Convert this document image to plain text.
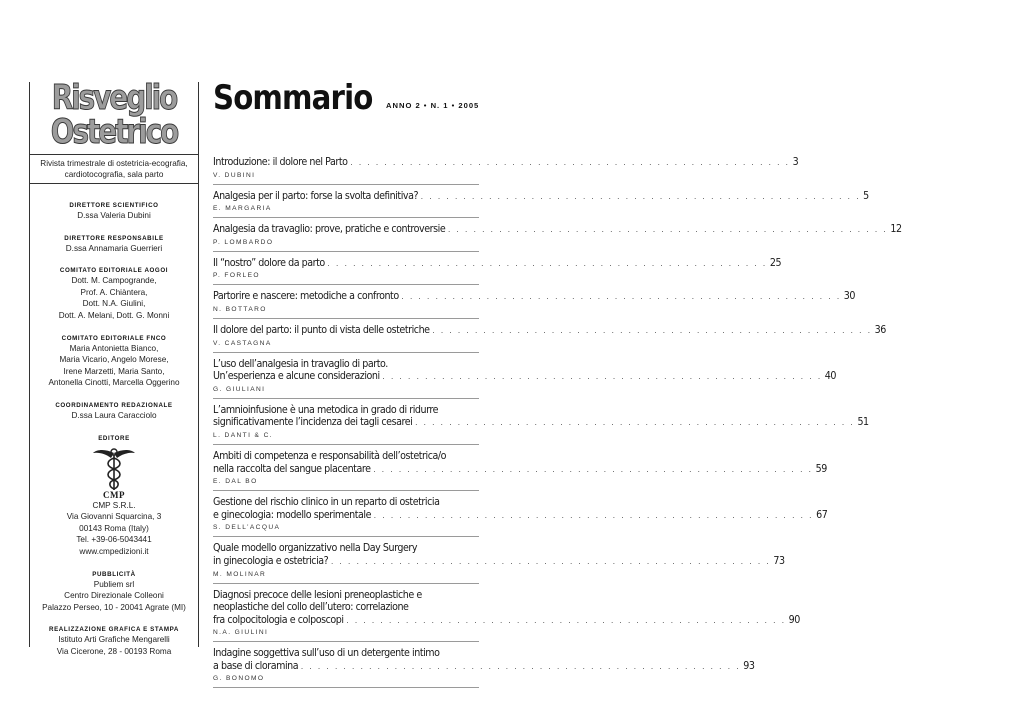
Risveglio
Ostetrico
Rivista trimestrale di ostetricia-ecografia,
cardiotocografia, sala parto
DIRETTORE SCIENTIFICO
D.ssa Valeria Dubini
DIRETTORE RESPONSABILE
D.ssa Annamaria Guerrieri
COMITATO EDITORIALE AOGOI
Dott. M. Campogrande,
Prof. A. Chiàntera,
Dott. N.A. Giulini,
Dott. A. Melani, Dott. G. Monni
COMITATO EDITORIALE FNCO
Maria Antonietta Bianco,
Maria Vicario, Angelo Morese,
Irene Marzetti, Maria Santo,
Antonella Cinotti, Marcella Oggerino
COORDINAMENTO REDAZIONALE
D.ssa Laura Caracciolo
EDITORE
CMP
CMP S.R.L.
Via Giovanni Squarcina, 3
00143 Roma (Italy)
Tel. +39-06-5043441
www.cmpedizioni.it
PUBBLICITÀ
Publiem srl
Centro Direzionale Colleoni
Palazzo Perseo, 10 - 20041 Agrate (MI)
REALIZZAZIONE GRAFICA E STAMPA
Istituto Arti Grafiche Mengarelli
Via Cicerone, 28 - 00193 Roma
Sommario ANNO 2 • N. 1 • 2005
Introduzione: il dolore nel Parto . . . . . . . . . . . . . . . . . . . . . . . . . . . . . . . . . . . . . . . . . . . . . . . . . . . . 3
V. DUBINI
Analgesia per il parto: forse la svolta definitiva? . . . . . . . . . . . . . . . . . . . . . . . . . . . . . . . . . . . . . . . . . . . . . . . . . . . . 5
E. MARGARIA
Analgesia da travaglio: prove, pratiche e controversie . . . . . . . . . . . . . . . . . . . . . . . . . . . . . . . . . . . . . . . . . . . . . . . . . . . . 12
P. LOMBARDO
Il “nostro” dolore da parto . . . . . . . . . . . . . . . . . . . . . . . . . . . . . . . . . . . . . . . . . . . . . . . . . . . . 25
P. FORLEO
Partorire e nascere: metodiche a confronto . . . . . . . . . . . . . . . . . . . . . . . . . . . . . . . . . . . . . . . . . . . . . . . . . . . . 30
N. BOTTARO
Il dolore del parto: il punto di vista delle ostetriche . . . . . . . . . . . . . . . . . . . . . . . . . . . . . . . . . . . . . . . . . . . . . . . . . . . . 36
V. CASTAGNA
L’uso dell’analgesia in travaglio di parto.
Un’esperienza e alcune considerazioni . . . . . . . . . . . . . . . . . . . . . . . . . . . . . . . . . . . . . . . . . . . . . . . . . . . . 40
G. GIULIANI
L’amnioinfusione è una metodica in grado di ridurre
significativamente l’incidenza dei tagli cesarei . . . . . . . . . . . . . . . . . . . . . . . . . . . . . . . . . . . . . . . . . . . . . . . . . . . . 51
L. DANTI & C.
Ambiti di competenza e responsabilità dell’ostetrica/o
nella raccolta del sangue placentare . . . . . . . . . . . . . . . . . . . . . . . . . . . . . . . . . . . . . . . . . . . . . . . . . . . . 59
E. DAL BO
Gestione del rischio clinico in un reparto di ostetricia
e ginecologia: modello sperimentale . . . . . . . . . . . . . . . . . . . . . . . . . . . . . . . . . . . . . . . . . . . . . . . . . . . . 67
S. DELL’ACQUA
Quale modello organizzativo nella Day Surgery
in ginecologia e ostetricia? . . . . . . . . . . . . . . . . . . . . . . . . . . . . . . . . . . . . . . . . . . . . . . . . . . . . 73
M. MOLINAR
Diagnosi precoce delle lesioni preneoplastiche e
neoplastiche del collo dell’utero: correlazione
fra colpocitologia e colposcopi . . . . . . . . . . . . . . . . . . . . . . . . . . . . . . . . . . . . . . . . . . . . . . . . . . . . 90
N.A. GIULINI
Indagine soggettiva sull’uso di un detergente intimo
a base di cloramina . . . . . . . . . . . . . . . . . . . . . . . . . . . . . . . . . . . . . . . . . . . . . . . . . . . . 93
G. BONOMO
